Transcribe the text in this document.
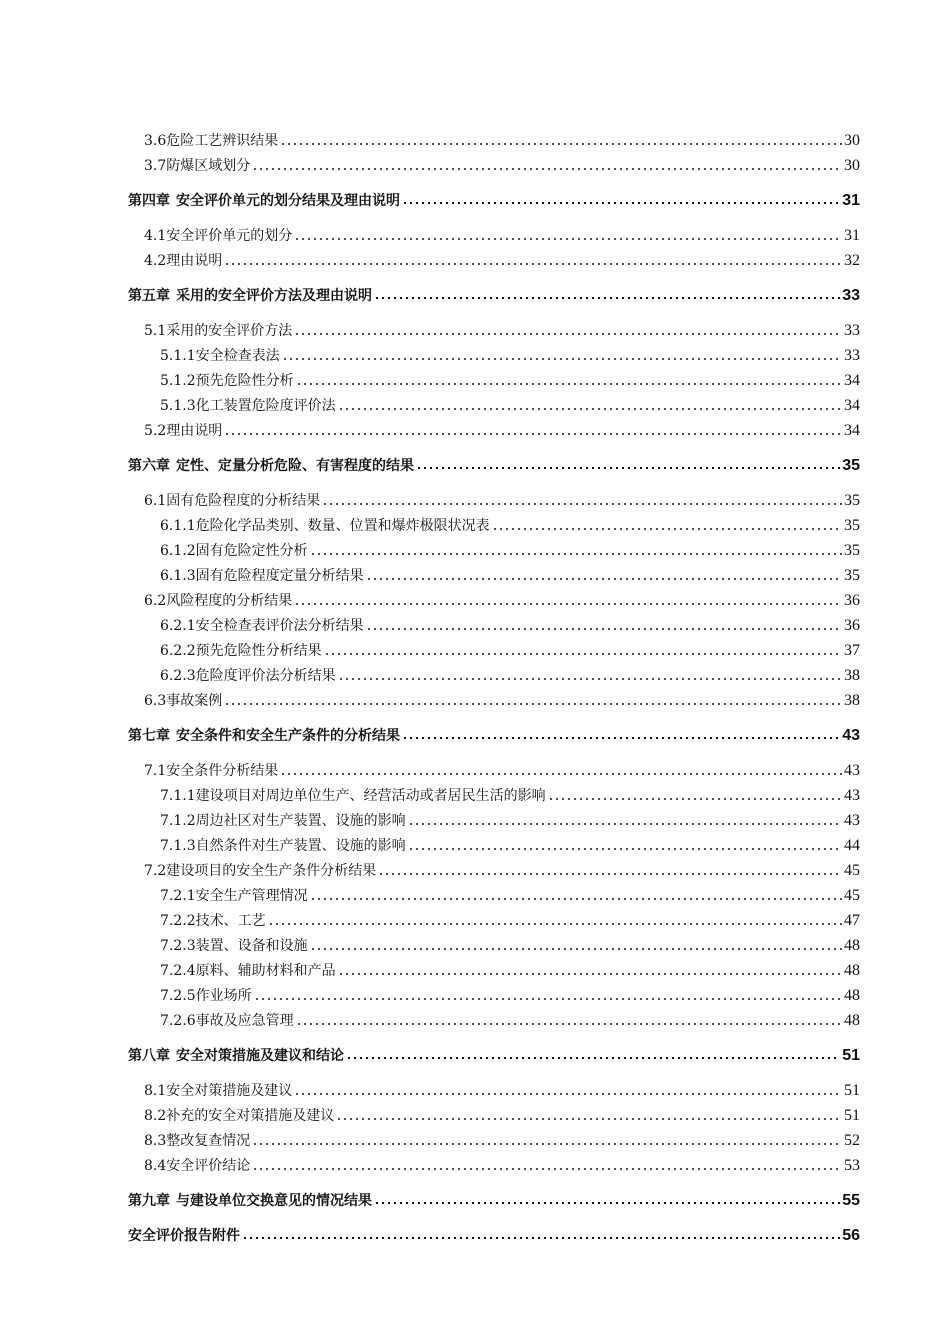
3.6危险工艺辨识结果	30
3.7防爆区域划分	30
第四章 安全评价单元的划分结果及理由说明	31
4.1安全评价单元的划分	31
4.2理由说明	32
第五章 采用的安全评价方法及理由说明	33
5.1采用的安全评价方法	33
5.1.1安全检查表法	33
5.1.2预先危险性分析	34
5.1.3化工装置危险度评价法	34
5.2理由说明	34
第六章 定性、定量分析危险、有害程度的结果	35
6.1固有危险程度的分析结果	35
6.1.1危险化学品类别、数量、位置和爆炸极限状况表	35
6.1.2固有危险定性分析	35
6.1.3固有危险程度定量分析结果	35
6.2风险程度的分析结果	36
6.2.1安全检查表评价法分析结果	36
6.2.2预先危险性分析结果	37
6.2.3危险度评价法分析结果	38
6.3事故案例	38
第七章 安全条件和安全生产条件的分析结果	43
7.1安全条件分析结果	43
7.1.1建设项目对周边单位生产、经营活动或者居民生活的影响	43
7.1.2周边社区对生产装置、设施的影响	43
7.1.3自然条件对生产装置、设施的影响	44
7.2建设项目的安全生产条件分析结果	45
7.2.1安全生产管理情况	45
7.2.2技术、工艺	47
7.2.3装置、设备和设施	48
7.2.4原料、辅助材料和产品	48
7.2.5作业场所	48
7.2.6事故及应急管理	48
第八章 安全对策措施及建议和结论	51
8.1安全对策措施及建议	51
8.2补充的安全对策措施及建议	51
8.3整改复查情况	52
8.4安全评价结论	53
第九章 与建设单位交换意见的情况结果	55
安全评价报告附件	56
